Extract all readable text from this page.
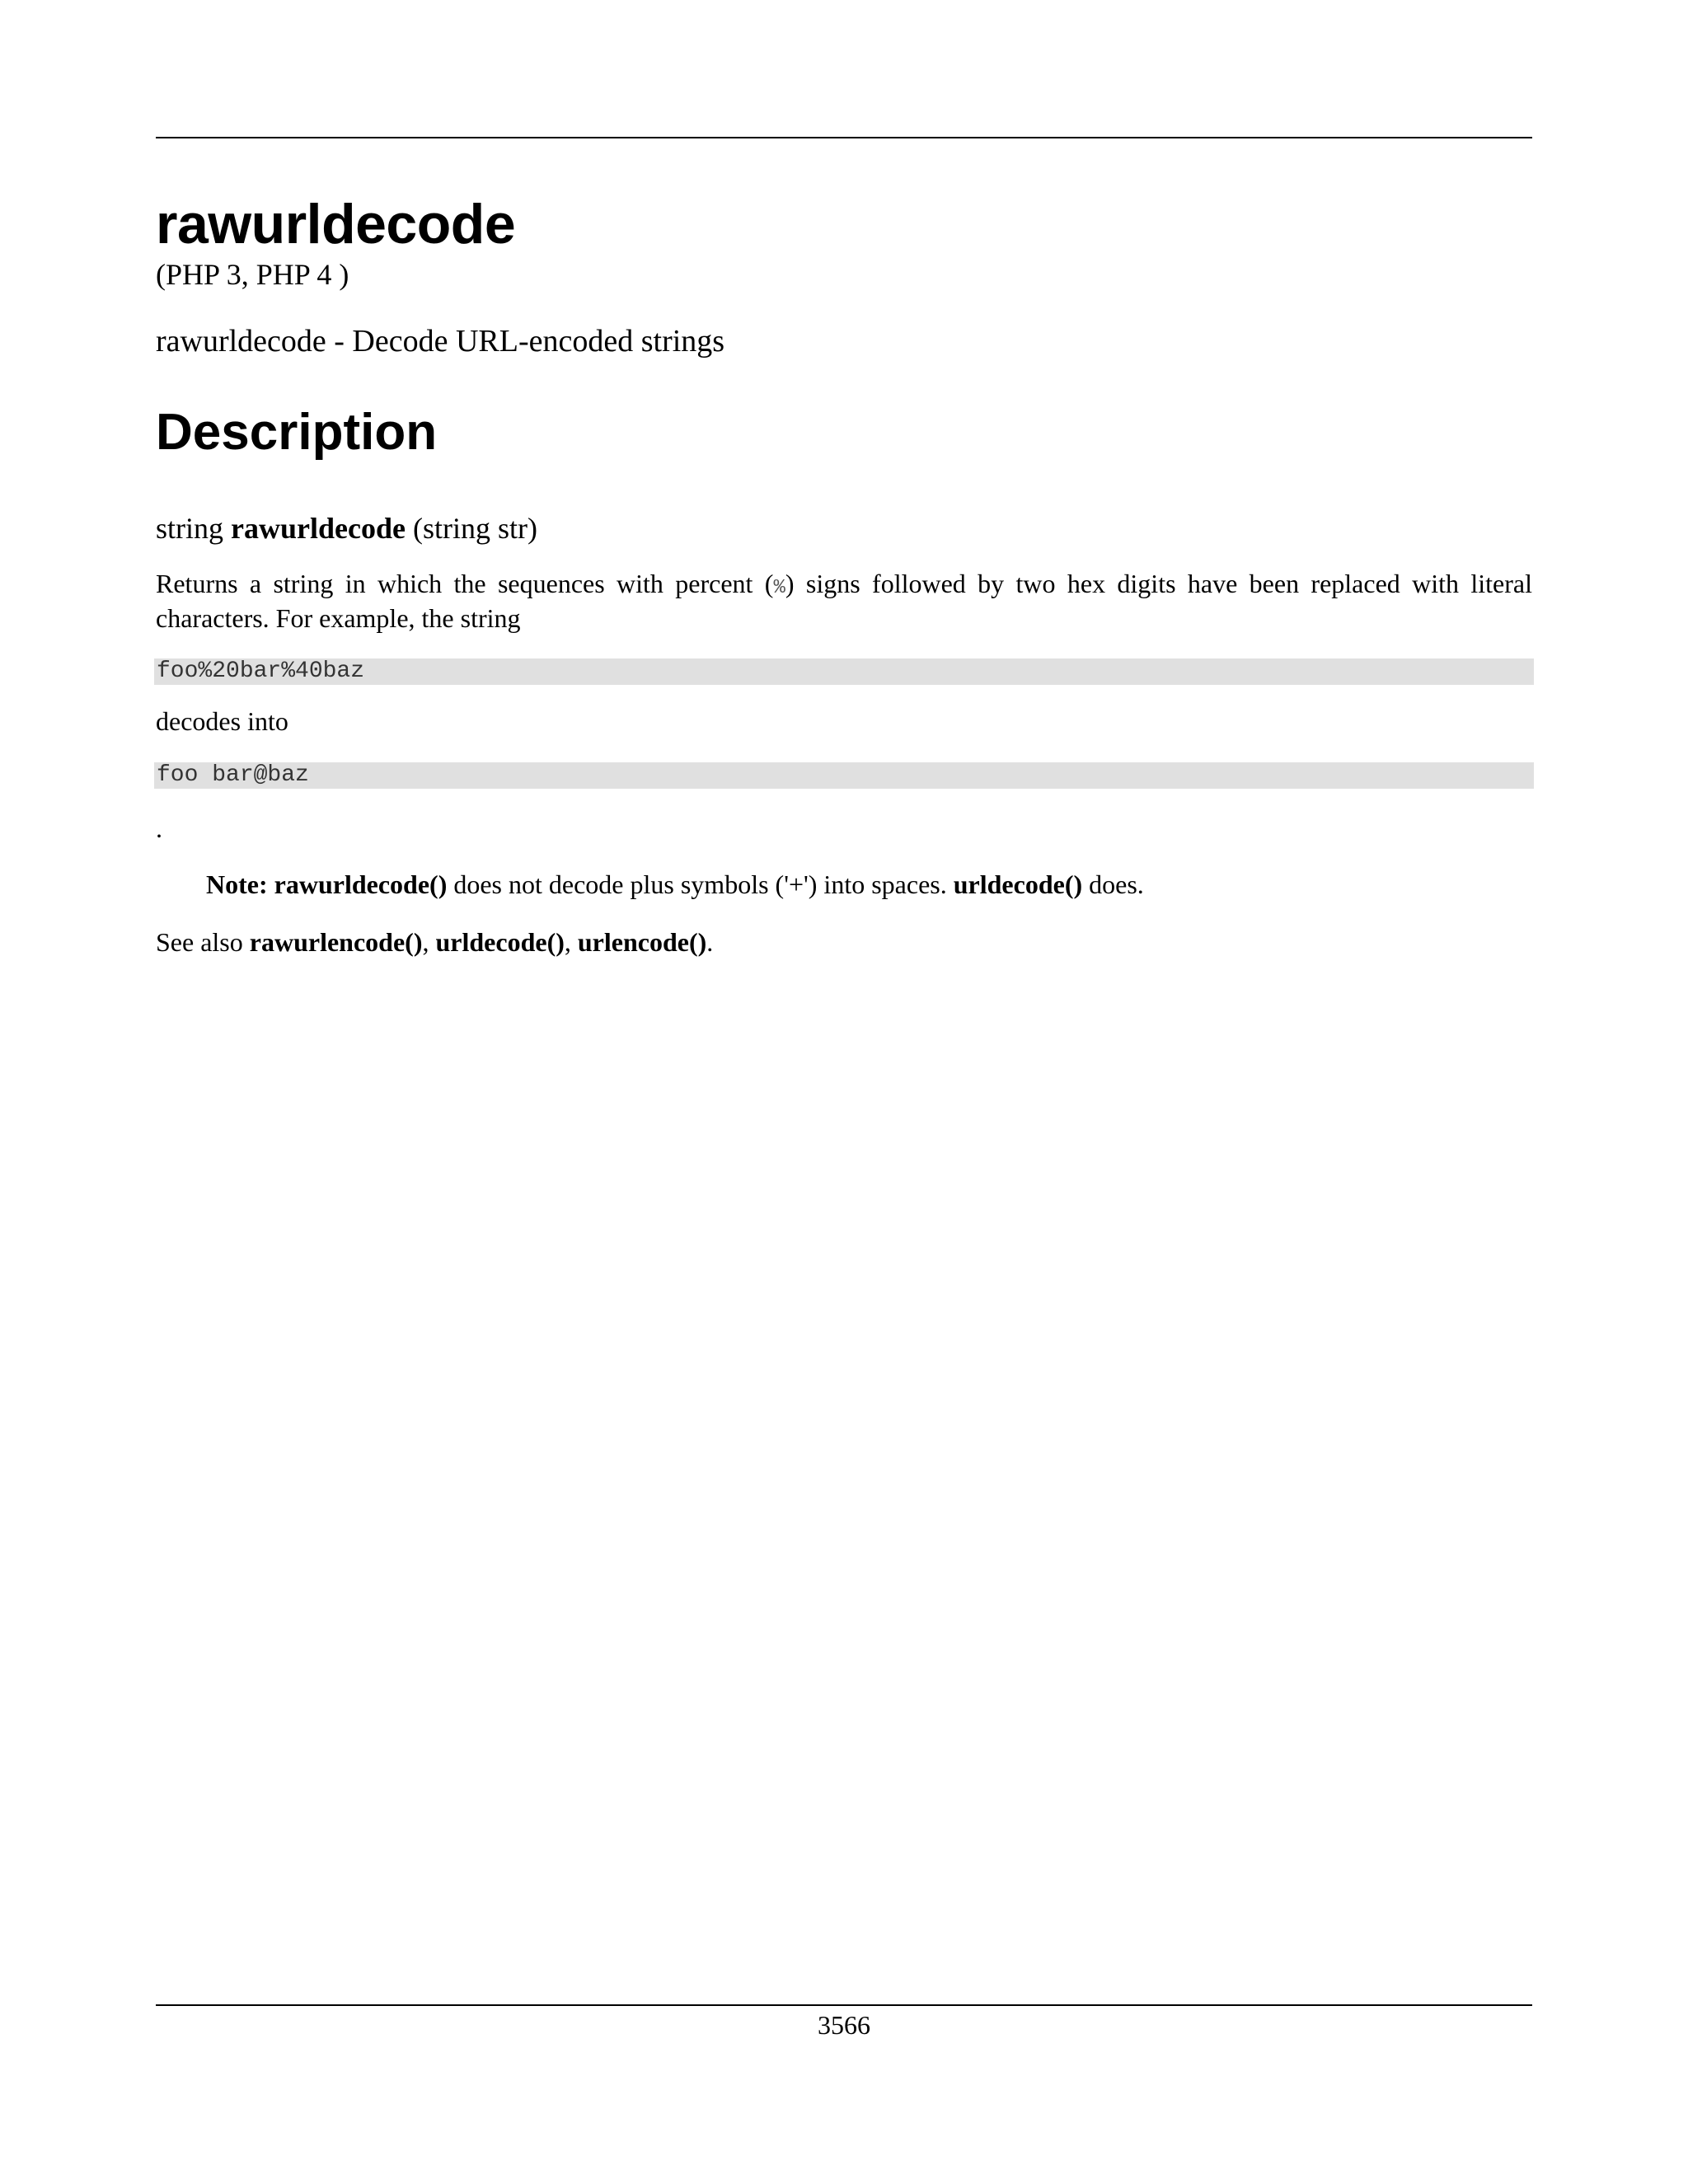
rawurldecode

(PHP 3, PHP 4 )

rawurldecode - Decode URL-encoded strings

Description

string rawurldecode (string str)

Returns a string in which the sequences with percent (%) signs followed by two hex digits have been replaced with literal characters. For example, the string

foo%20bar%40baz

decodes into

foo bar@baz

.

Note: rawurldecode() does not decode plus symbols ('+') into spaces. urldecode() does.

See also rawurlencode(), urldecode(), urlencode().

3566
